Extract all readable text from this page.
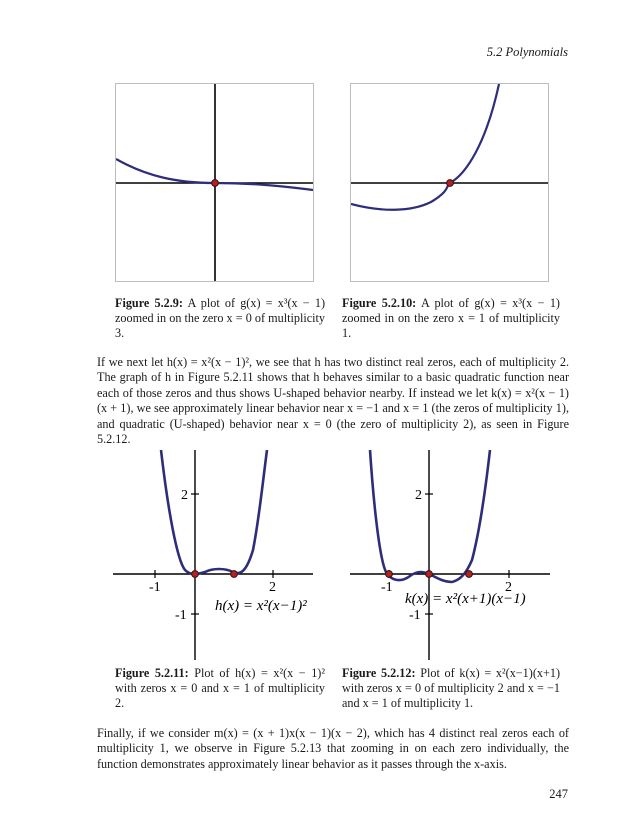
5.2 Polynomials
Figure 5.2.9: A plot of g(x) = x³(x − 1) zoomed in on the zero x = 0 of multiplicity 3.
Figure 5.2.10: A plot of g(x) = x³(x − 1) zoomed in on the zero x = 1 of multiplicity 1.
If we next let h(x) = x²(x − 1)², we see that h has two distinct real zeros, each of multiplicity 2. The graph of h in Figure 5.2.11 shows that h behaves similar to a basic quadratic function near each of those zeros and thus shows U-shaped behavior nearby. If instead we let k(x) = x²(x − 1)(x + 1), we see approximately linear behavior near x = −1 and x = 1 (the zeros of multiplicity 1), and quadratic (U-shaped) behavior near x = 0 (the zero of multiplicity 2), as seen in Figure 5.2.12.
-1	2
2
-1
h(x) = x²(x−1)²
Figure 5.2.11: Plot of h(x) = x²(x − 1)² with zeros x = 0 and x = 1 of multiplicity 2.
-1	2
2
-1
k(x) = x²(x+1)(x−1)
Figure 5.2.12: Plot of k(x) = x²(x−1)(x+1) with zeros x = 0 of multiplicity 2 and x = −1 and x = 1 of multiplicity 1.
Finally, if we consider m(x) = (x + 1)x(x − 1)(x − 2), which has 4 distinct real zeros each of multiplicity 1, we observe in Figure 5.2.13 that zooming in on each zero individually, the function demonstrates approximately linear behavior as it passes through the x-axis.
247
